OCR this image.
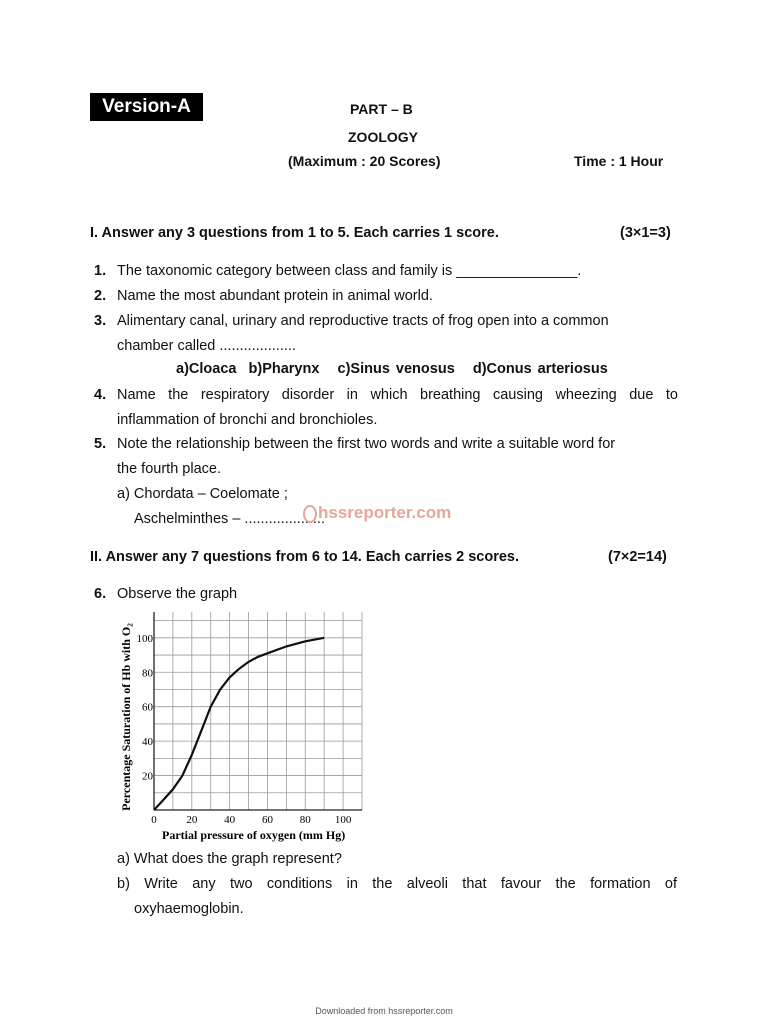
Version-A	PART – B
ZOOLOGY
(Maximum : 20 Scores)	Time : 1 Hour
I. Answer any 3 questions from 1 to 5. Each carries 1 score.	(3×1=3)
1. The taxonomic category between class and family is _______________.
2. Name the most abundant protein in animal world.
3. Alimentary canal, urinary and reproductive tracts of frog open into a common
chamber called ...................
a)Cloaca b)Pharynx c)Sinus venosus d)Conus arteriosus
4. Name the respiratory disorder in which breathing causing wheezing due to
inflammation of bronchi and bronchioles.
5. Note the relationship between the first two words and write a suitable word for
the fourth place.
a) Chordata – Coelomate ;
Aschelminthes – ....................
hssreporter.com
II. Answer any 7 questions from 6 to 14. Each carries 2 scores.	(7×2=14)
6. Observe the graph
0	20 40 60 80 100
20
40
60
80
100
Partial pressure of oxygen (mm Hg)
Percentage Saturation of Hb with O₂
a) What does the graph represent?
b) Write any two conditions in the alveoli that favour the formation of
oxyhaemoglobin.
Downloaded from hssreporter.com
